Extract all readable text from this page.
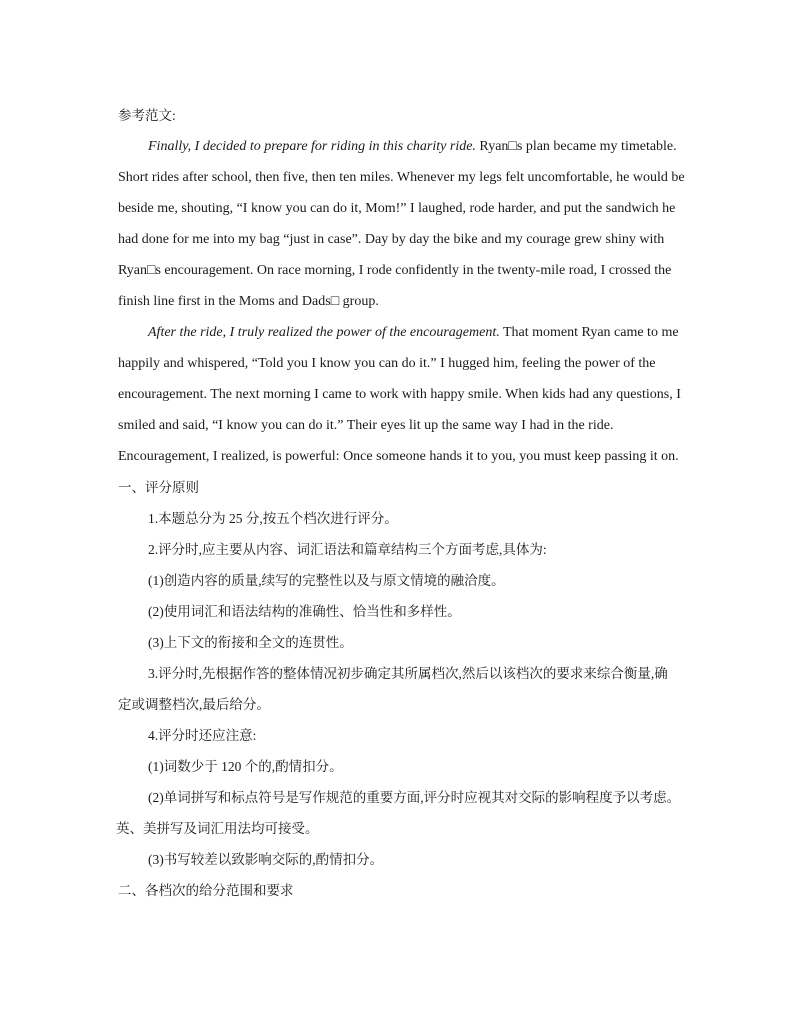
参考范文:
Finally, I decided to prepare for riding in this charity ride. Ryan□s plan became my timetable.
Short rides after school, then five, then ten miles. Whenever my legs felt uncomfortable, he would be
beside me, shouting, “I know you can do it, Mom!” I laughed, rode harder, and put the sandwich he
had done for me into my bag “just in case”. Day by day the bike and my courage grew shiny with
Ryan□s encouragement. On race morning, I rode confidently in the twenty-mile road, I crossed the
finish line first in the Moms and Dads□ group.
After the ride, I truly realized the power of the encouragement. That moment Ryan came to me
happily and whispered, “Told you I know you can do it.” I hugged him, feeling the power of the
encouragement. The next morning I came to work with happy smile. When kids had any questions, I
smiled and said, “I know you can do it.” Their eyes lit up the same way I had in the ride.
Encouragement, I realized, is powerful: Once someone hands it to you, you must keep passing it on.
一、评分原则
1.本题总分为 25 分,按五个档次进行评分。
2.评分时,应主要从内容、词汇语法和篇章结构三个方面考虑,具体为:
(1)创造内容的质量,续写的完整性以及与原文情境的融洽度。
(2)使用词汇和语法结构的准确性、恰当性和多样性。
(3)上下文的衔接和全文的连贯性。
3.评分时,先根据作答的整体情况初步确定其所属档次,然后以该档次的要求来综合衡量,确
定或调整档次,最后给分。
4.评分时还应注意:
(1)词数少于 120 个的,酌情扣分。
(2)单词拼写和标点符号是写作规范的重要方面,评分时应视其对交际的影响程度予以考虑。
英、美拼写及词汇用法均可接受。
(3)书写较差以致影响交际的,酌情扣分。
二、各档次的给分范围和要求
